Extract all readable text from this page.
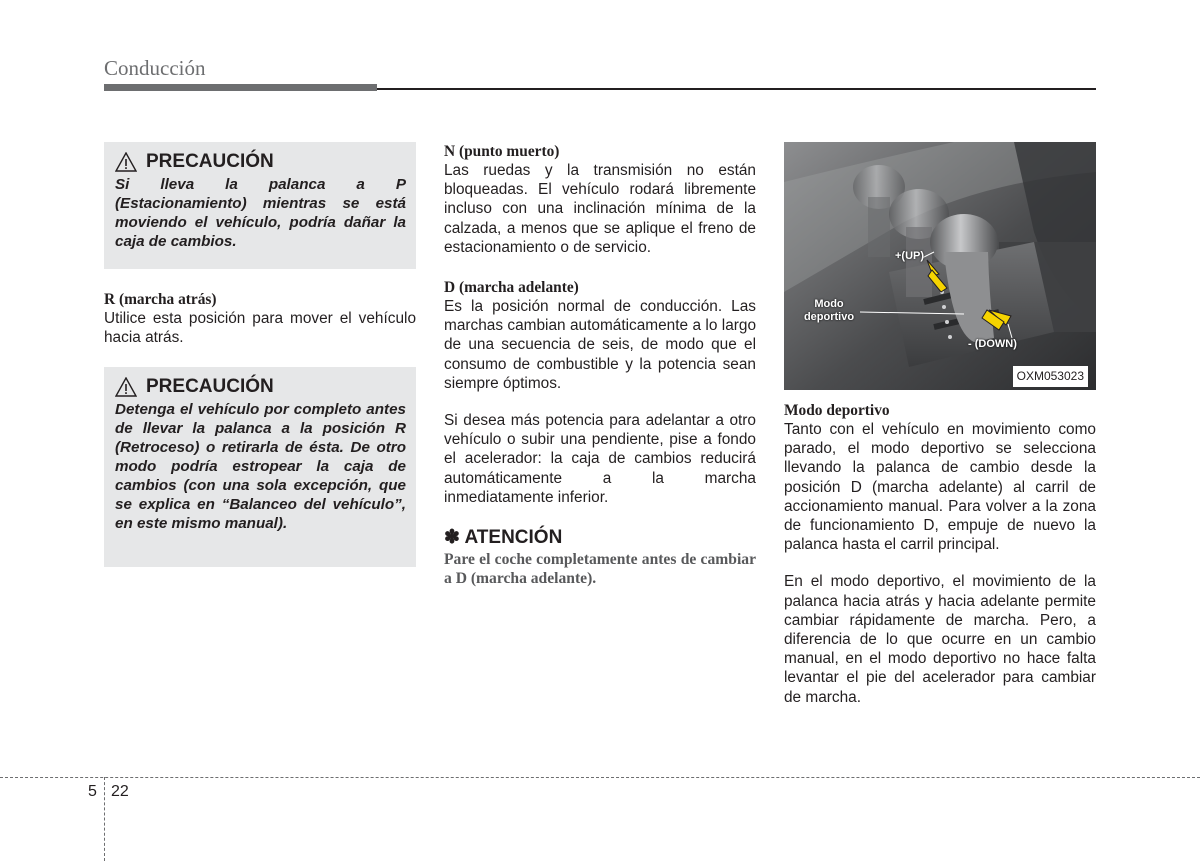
Conducción
PRECAUCIÓN
Si lleva la palanca a P (Estacionamiento) mientras se está moviendo el vehículo, podría dañar la caja de cambios.
R (marcha atrás)

Utilice esta posición para mover el vehículo hacia atrás.

PRECAUCIÓN
Detenga el vehículo por completo antes de llevar la palanca a la posición R (Retroceso) o retirarla de ésta. De otro modo podría estropear la caja de cambios (con una sola excepción, que se explica en “Balanceo del vehículo”, en este mismo manual).
N (punto muerto)

Las ruedas y la transmisión no están bloqueadas. El vehículo rodará libremente incluso con una inclinación mínima de la calzada, a menos que se aplique el freno de estacionamiento o de servicio.

D (marcha adelante)

Es la posición normal de conducción. Las marchas cambian automáticamente a lo largo de una secuencia de seis, de modo que el consumo de combustible y la potencia sean siempre óptimos.

Si desea más potencia para adelantar a otro vehículo o subir una pendiente, pise a fondo el acelerador: la caja de cambios reducirá automáticamente a la marcha inmediatamente inferior.

✽ ATENCIÓN
Pare el coche completamente antes de cambiar a D (marcha adelante).
+(UP)
Modo deportivo
- (DOWN)
OXM053023
Modo deportivo

Tanto con el vehículo en movimiento como parado, el modo deportivo se selecciona llevando la palanca de cambio desde la posición D (marcha adelante) al carril de accionamiento manual. Para volver a la zona de funcionamiento D, empuje de nuevo la palanca hasta el carril principal.

En el modo deportivo, el movimiento de la palanca hacia atrás y hacia adelante permite cambiar rápidamente de marcha. Pero, a diferencia de lo que ocurre en un cambio manual, en el modo deportivo no hace falta levantar el pie del acelerador para cambiar de marcha.

5 22
